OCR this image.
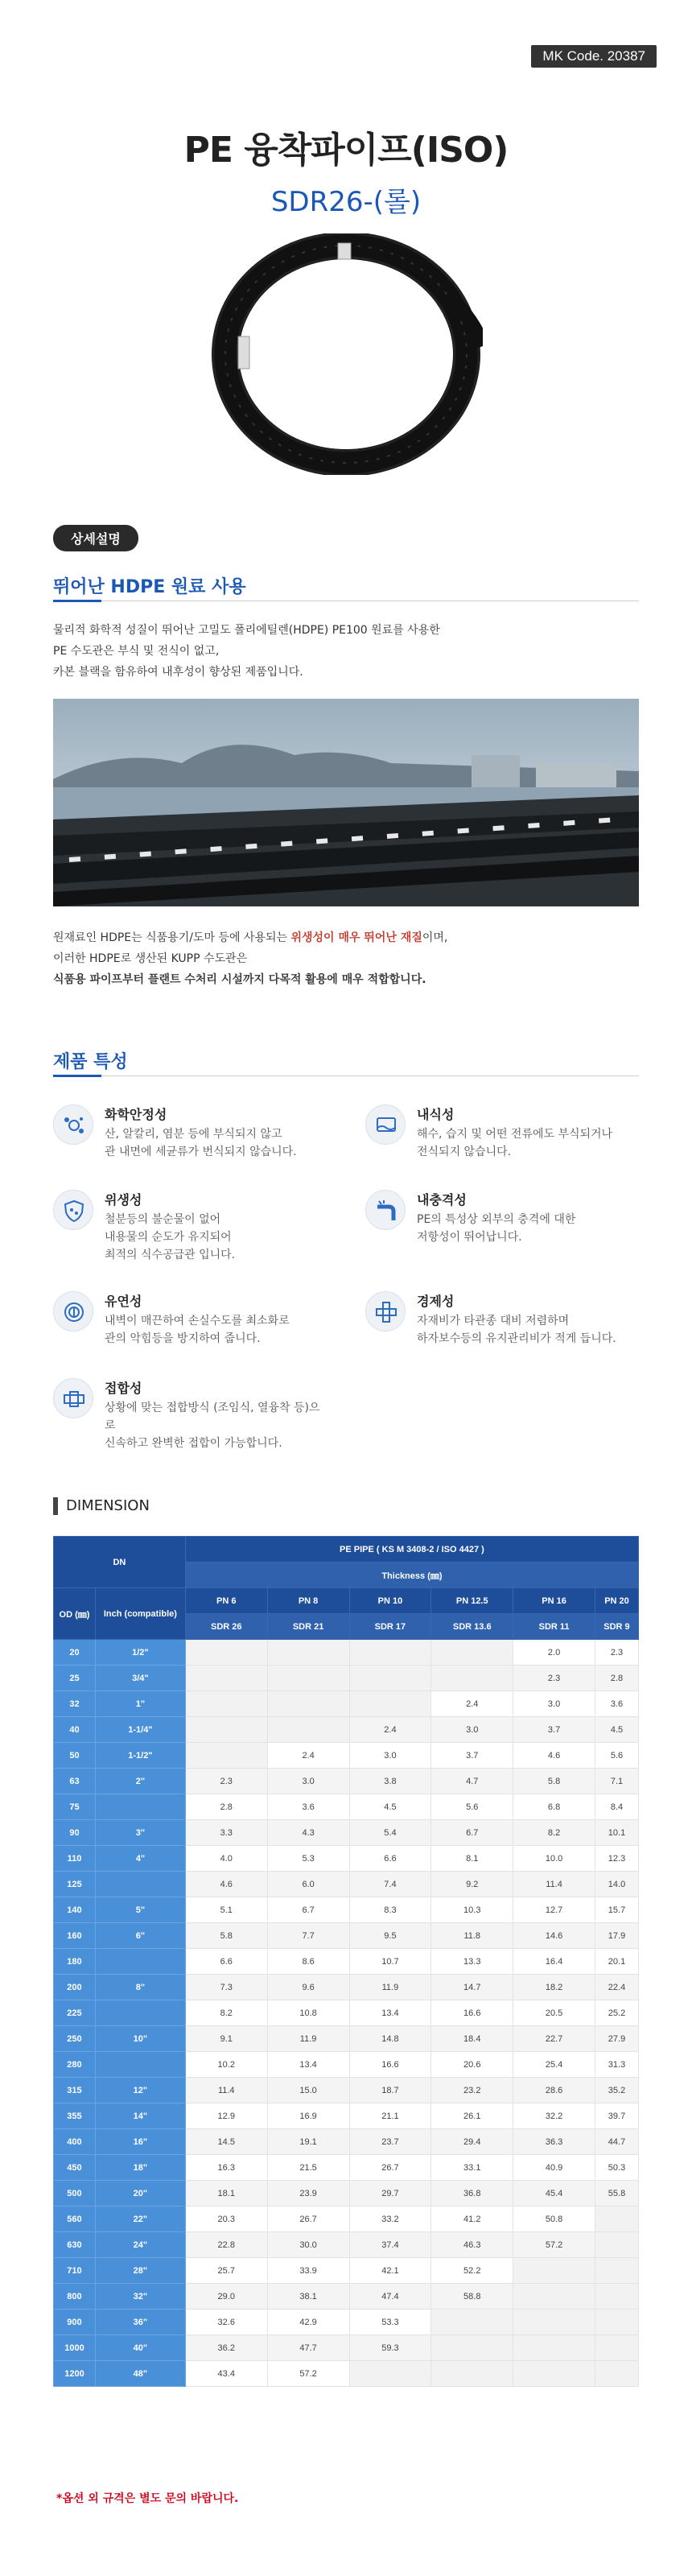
MK Code. 20387
PE 융착파이프(ISO)
SDR26-(롤)
상세설명
뛰어난 HDPE 원료 사용
물리적 화학적 성질이 뛰어난 고밀도 폴리에틸렌(HDPE) PE100 원료를 사용한
PE 수도관은 부식 및 전식이 없고,
카본 블랙을 함유하여 내후성이 향상된 제품입니다.
원재료인 HDPE는 식품용기/도마 등에 사용되는 위생성이 매우 뛰어난 재질이며,
이러한 HDPE로 생산된 KUPP 수도관은
식품용 파이프부터 플랜트 수처리 시설까지 다목적 활용에 매우 적합합니다.
제품 특성
화학안정성
산, 알칼리, 염분 등에 부식되지 않고
관 내면에 세균류가 번식되지 않습니다.
내식성
해수, 습지 및 어떤 전류에도 부식되거나
전식되지 않습니다.
위생성
철분등의 불순물이 없어
내용물의 순도가 유지되어
최적의 식수공급관 입니다.
내충격성
PE의 특성상 외부의 충격에 대한
저항성이 뛰어납니다.
유연성
내벽이 매끈하여 손실수도를 최소화로
관의 악힘등을 방지하여 줍니다.
경제성
자재비가 타관종 대비 저렴하며
하자보수등의 유지관리비가 적게 듭니다.
접합성
상황에 맞는 접합방식 (조임식, 열융착 등)으로
신속하고 완벽한 접합이 가능합니다.
DIMENSION
DN		PE PIPE ( KS M 3408-2 / ISO 4427 )					
		Thickness (㎜)					
OD (㎜)	Inch (compatible)	PN 6	PN 8	PN 10	PN 12.5	PN 16	PN 20
		SDR 26	SDR 21	SDR 17	SDR 13.6	SDR 11	SDR 9
20	1/2"					2.0	2.3
25	3/4"					2.3	2.8
32	1"				2.4	3.0	3.6
40	1-1/4"			2.4	3.0	3.7	4.5
50	1-1/2"		2.4	3.0	3.7	4.6	5.6
63	2"	2.3	3.0	3.8	4.7	5.8	7.1
75		2.8	3.6	4.5	5.6	6.8	8.4
90	3"	3.3	4.3	5.4	6.7	8.2	10.1
110	4"	4.0	5.3	6.6	8.1	10.0	12.3
125		4.6	6.0	7.4	9.2	11.4	14.0
140	5"	5.1	6.7	8.3	10.3	12.7	15.7
160	6"	5.8	7.7	9.5	11.8	14.6	17.9
180		6.6	8.6	10.7	13.3	16.4	20.1
200	8"	7.3	9.6	11.9	14.7	18.2	22.4
225		8.2	10.8	13.4	16.6	20.5	25.2
250	10"	9.1	11.9	14.8	18.4	22.7	27.9
280		10.2	13.4	16.6	20.6	25.4	31.3
315	12"	11.4	15.0	18.7	23.2	28.6	35.2
355	14"	12.9	16.9	21.1	26.1	32.2	39.7
400	16"	14.5	19.1	23.7	29.4	36.3	44.7
450	18"	16.3	21.5	26.7	33.1	40.9	50.3
500	20"	18.1	23.9	29.7	36.8	45.4	55.8
560	22"	20.3	26.7	33.2	41.2	50.8	
630	24"	22.8	30.0	37.4	46.3	57.2	
710	28"	25.7	33.9	42.1	52.2		
800	32"	29.0	38.1	47.4	58.8		
900	36"	32.6	42.9	53.3			
1000	40"	36.2	47.7	59.3			
1200	48"	43.4	57.2				
*옵션 외 규격은 별도 문의 바랍니다.
